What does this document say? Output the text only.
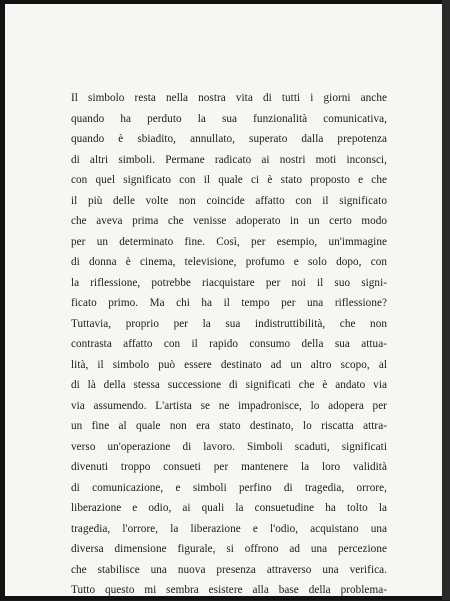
Il simbolo resta nella nostra vita di tutti i giorni anche
quando ha perduto la sua funzionalità comunicativa,
quando è sbiadito, annullato, superato dalla prepotenza
di altri simboli. Permane radicato ai nostri moti inconsci,
con quel significato con il quale ci è stato proposto e che
il più delle volte non coincide affatto con il significato
che aveva prima che venisse adoperato in un certo modo
per un determinato fine. Così, per esempio, un'immagine
di donna è cinema, televisione, profumo e solo dopo, con
la riflessione, potrebbe riacquistare per noi il suo signi-
ficato primo. Ma chi ha il tempo per una riflessione?
Tuttavia, proprio per la sua indistruttibilità, che non
contrasta affatto con il rapido consumo della sua attua-
lità, il simbolo può essere destinato ad un altro scopo, al
di là della stessa successione di significati che è andato via
via assumendo. L'artista se ne impadronisce, lo adopera per
un fine al quale non era stato destinato, lo riscatta attra-
verso un'operazione di lavoro. Simboli scaduti, significati
divenuti troppo consueti per mantenere la loro validità
di comunicazione, e simboli perfino di tragedia, orrore,
liberazione e odio, ai quali la consuetudine ha tolto la
tragedia, l'orrore, la liberazione e l'odio, acquistano una
diversa dimensione figurale, si offrono ad una percezione
che stabilisce una nuova presenza attraverso una verifica.
Tutto questo mi sembra esistere alla base della problema-
